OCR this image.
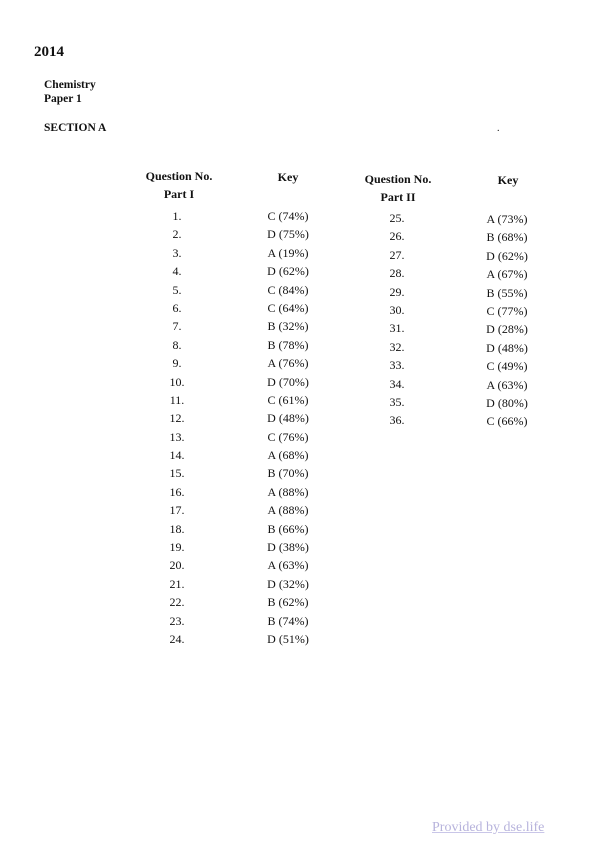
2014
Chemistry
Paper 1
SECTION A	.
Question No.
Part I
Key	Question No.
Part II
Key
1.
2.
3.
4.
5.
6.
7.
8.
9.
10.
11.
12.
13.
14.
15.
16.
17.
18.
19.
20.
21.
22.
23.
24.
C (74%)
D (75%)
A (19%)
D (62%)
C (84%)
C (64%)
B (32%)
B (78%)
A (76%)
D (70%)
C (61%)
D (48%)
C (76%)
A (68%)
B (70%)
A (88%)
A (88%)
B (66%)
D (38%)
A (63%)
D (32%)
B (62%)
B (74%)
D (51%)
25.
26.
27.
28.
29.
30.
31.
32.
33.
34.
35.
36.
A (73%)
B (68%)
D (62%)
A (67%)
B (55%)
C (77%)
D (28%)
D (48%)
C (49%)
A (63%)
D (80%)
C (66%)
Provided by dse.life
